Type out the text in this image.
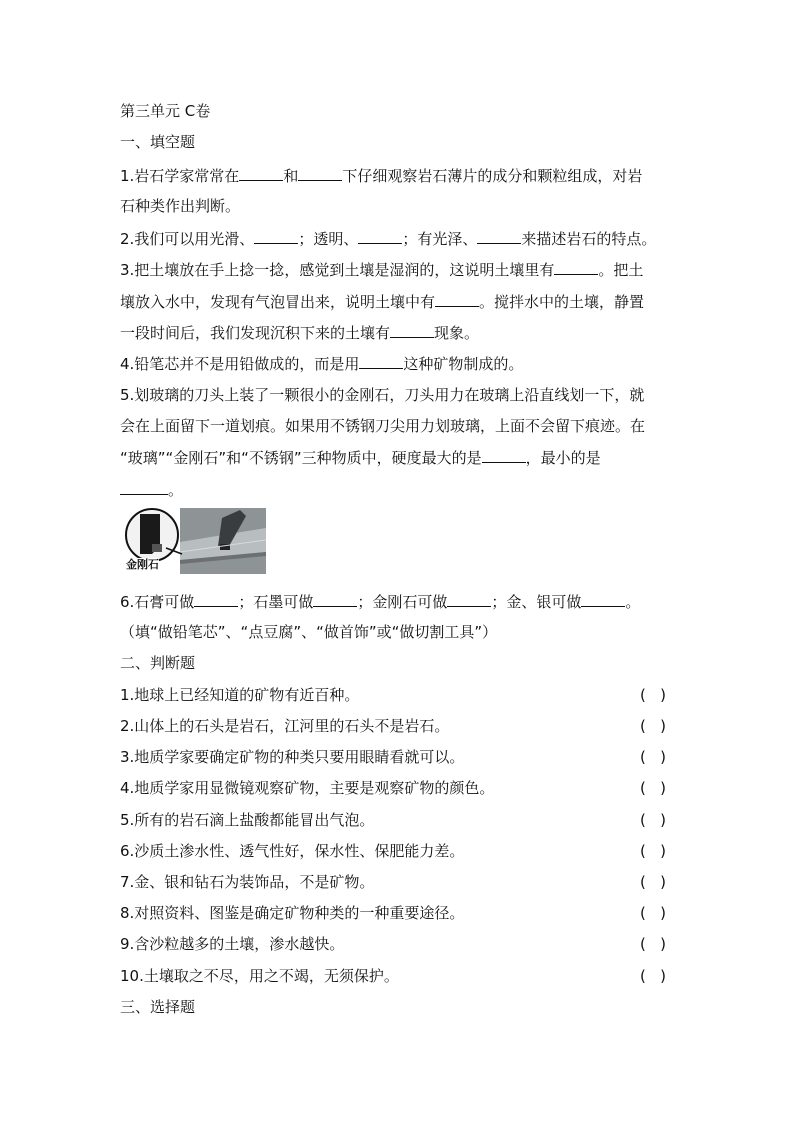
第三单元 C卷
一、填空题
1.岩石学家常常在	和	下仔细观察岩石薄片的成分和颗粒组成，对岩
石种类作出判断。
2.我们可以用光滑、	；透明、	；有光泽、	来描述岩石的特点。
3.把土壤放在手上捻一捻，感觉到土壤是湿润的，这说明土壤里有	。把土
壤放入水中，发现有气泡冒出来，说明土壤中有	。搅拌水中的土壤，静置
一段时间后，我们发现沉积下来的土壤有	现象。
4.铅笔芯并不是用铅做成的，而是用	这种矿物制成的。
5.划玻璃的刀头上装了一颗很小的金刚石，刀头用力在玻璃上沿直线划一下，就
会在上面留下一道划痕。如果用不锈钢刀尖用力划玻璃，上面不会留下痕迹。在
“玻璃”“金刚石”和“不锈钢”三种物质中，硬度最大的是	，最小的是
。
金刚石
6.石膏可做	；石墨可做	；金刚石可做	；金、银可做	。
（填“做铅笔芯”、“点豆腐”、“做首饰”或“做切割工具”）
二、判断题
1.地球上已经知道的矿物有近百种。	(   )
2.山体上的石头是岩石，江河里的石头不是岩石。	(   )
3.地质学家要确定矿物的种类只要用眼睛看就可以。	(   )
4.地质学家用显微镜观察矿物，主要是观察矿物的颜色。	(   )
5.所有的岩石滴上盐酸都能冒出气泡。	(   )
6.沙质土渗水性、透气性好，保水性、保肥能力差。	(   )
7.金、银和钻石为装饰品，不是矿物。	(   )
8.对照资料、图鉴是确定矿物种类的一种重要途径。	(   )
9.含沙粒越多的土壤，渗水越快。	(   )
10.土壤取之不尽，用之不竭，无须保护。	(   )
三、选择题
